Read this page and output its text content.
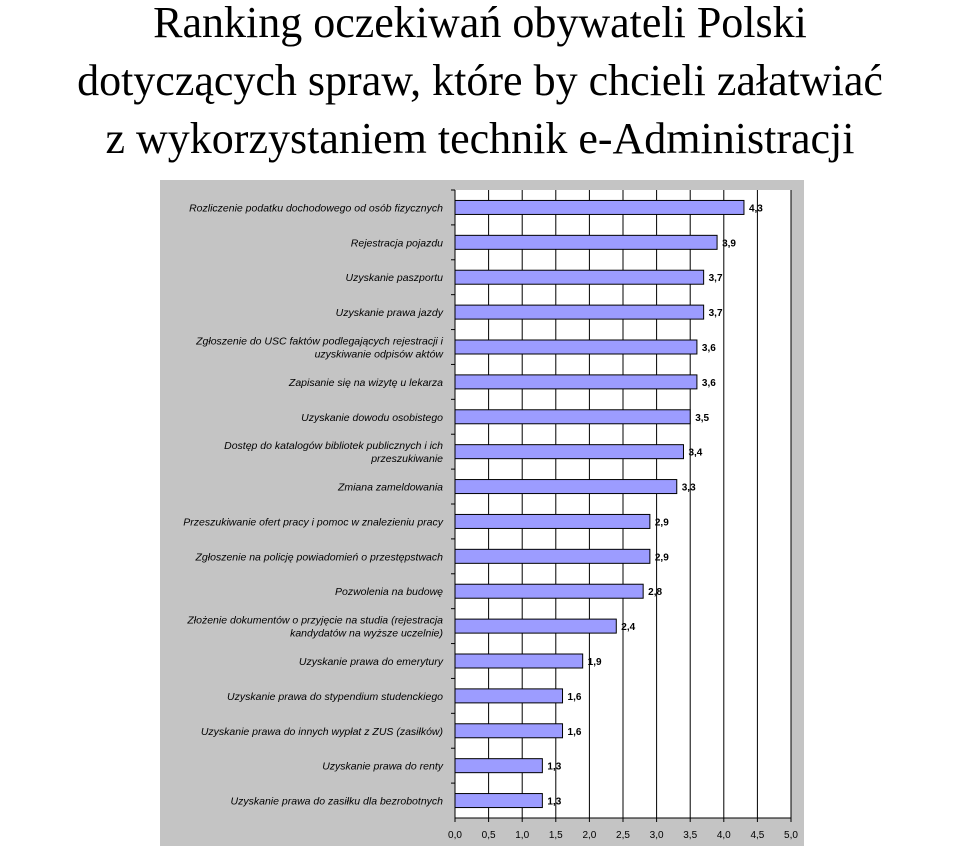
Ranking oczekiwań obywateli Polski
dotyczących spraw, które by chcieli załatwiać
z wykorzystaniem technik e-Administracji
Rozliczenie podatku dochodowego od osób fizycznych
Rejestracja pojazdu
Uzyskanie paszportu
Uzyskanie prawa jazdy
Zgłoszenie do USC faktów podlegających rejestracji i
uzyskiwanie odpisów aktów
Zapisanie się na wizytę u lekarza
Uzyskanie dowodu osobistego
Dostęp do katalogów bibliotek publicznych i ich
przeszukiwanie
Zmiana zameldowania
Przeszukiwanie ofert pracy i pomoc w znalezieniu pracy
Zgłoszenie na policję powiadomień o przestępstwach
Pozwolenia na budowę
Złożenie dokumentów o przyjęcie na studia (rejestracja
kandydatów na wyższe uczelnie)
Uzyskanie prawa do emerytury
Uzyskanie prawa do stypendium studenckiego
Uzyskanie prawa do innych wypłat z ZUS (zasiłków)
Uzyskanie prawa do renty
Uzyskanie prawa do zasiłku dla bezrobotnych
4,3
3,9
3,7
3,7
3,6
3,6
3,5
3,4
3,3
2,9
2,9
2,8
2,4
1,9
1,6
1,6
1,3
1,3
0,0 0,5 1,0 1,5 2,0 2,5 3,0 3,5 4,0 4,5 5,0
